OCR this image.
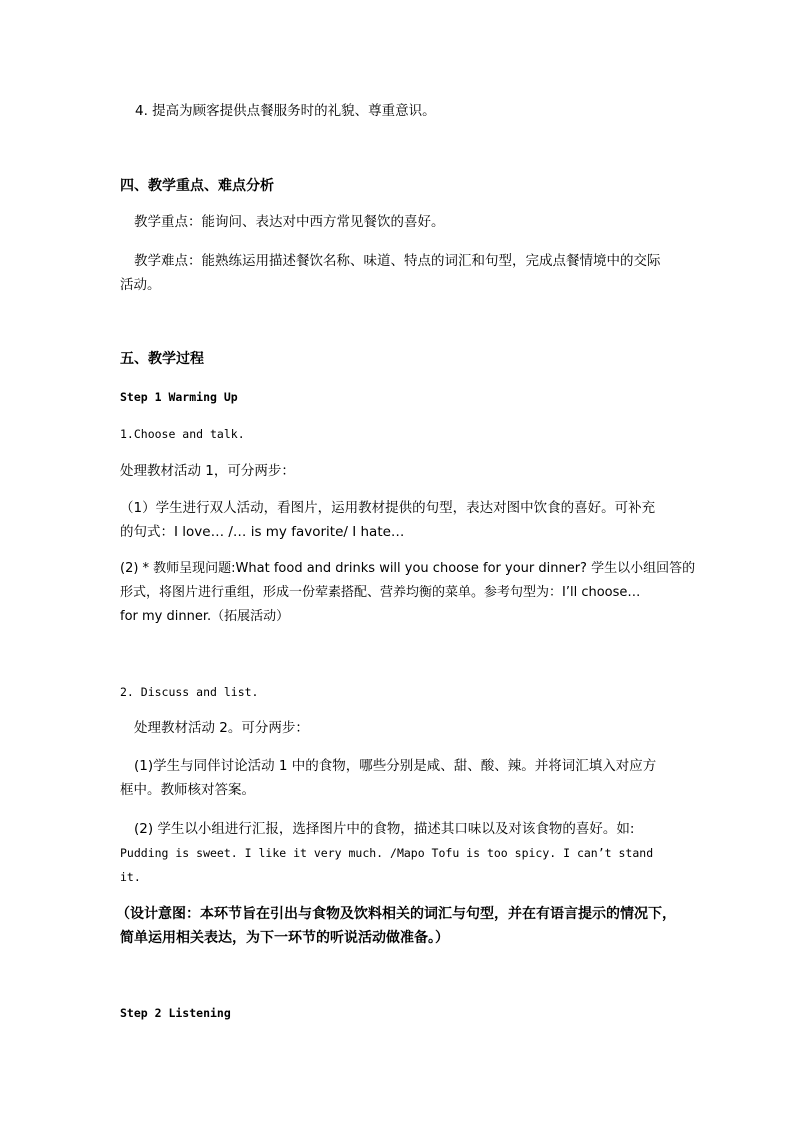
4. 提高为顾客提供点餐服务时的礼貌、尊重意识。
四、教学重点、难点分析
教学重点：能询问、表达对中西方常见餐饮的喜好。
教学难点：能熟练运用描述餐饮名称、味道、特点的词汇和句型，完成点餐情境中的交际
活动。
五、教学过程
Step 1 Warming Up
1.Choose and talk.
处理教材活动 1，可分两步：
（1）学生进行双人活动，看图片，运用教材提供的句型，表达对图中饮食的喜好。可补充
的句式：I love… /… is my favorite/ I hate…
(2) * 教师呈现问题:What food and drinks will you choose for your dinner? 学生以小组回答的
形式，将图片进行重组，形成一份荤素搭配、营养均衡的菜单。参考句型为：I’ll choose…
for my dinner.（拓展活动）
2. Discuss and list.
处理教材活动 2。可分两步：
(1)学生与同伴讨论活动 1 中的食物，哪些分别是咸、甜、酸、辣。并将词汇填入对应方
框中。教师核对答案。
(2) 学生以小组进行汇报，选择图片中的食物，描述其口味以及对该食物的喜好。如:
Pudding is sweet. I like it very much. /Mapo Tofu is too spicy. I can’t stand
it.
（设计意图：本环节旨在引出与食物及饮料相关的词汇与句型，并在有语言提示的情况下，
简单运用相关表达，为下一环节的听说活动做准备。）
Step 2 Listening
